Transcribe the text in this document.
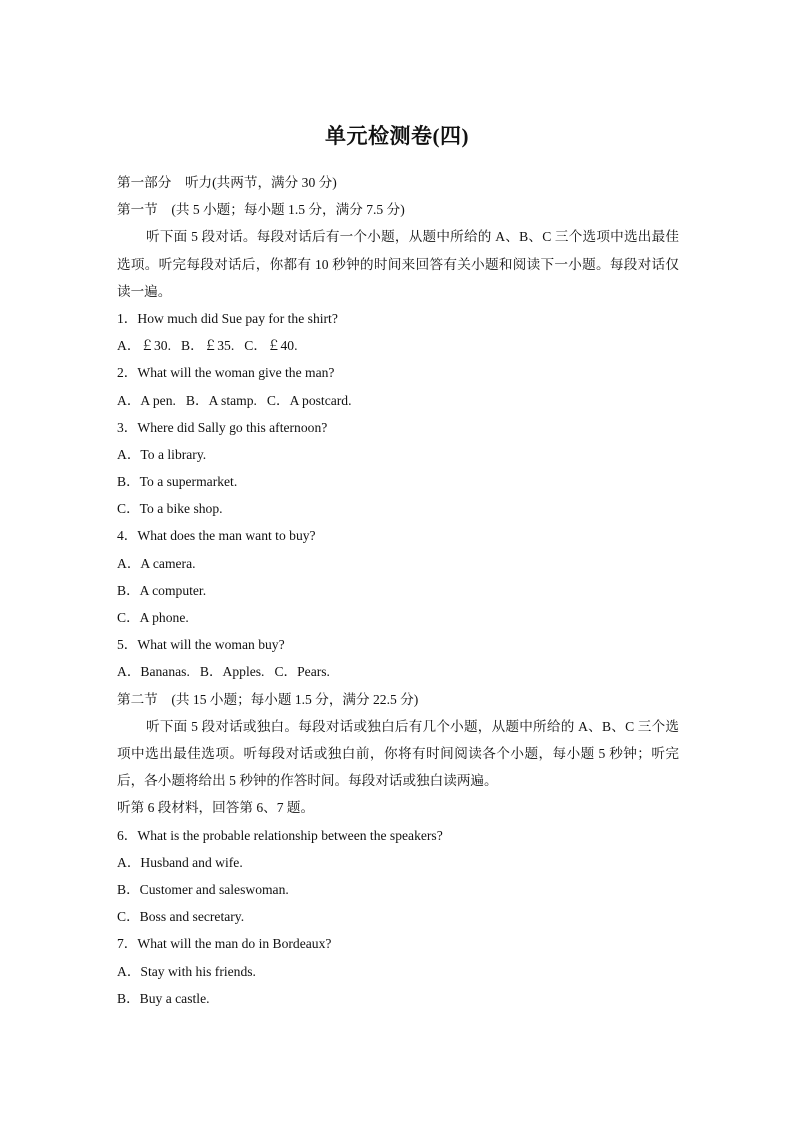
单元检测卷(四)
第一部分　听力(共两节，满分 30 分)
第一节　(共 5 小题；每小题 1.5 分，满分 7.5 分)
听下面 5 段对话。每段对话后有一个小题，从题中所给的 A、B、C 三个选项中选出最佳选项。听完每段对话后，你都有 10 秒钟的时间来回答有关小题和阅读下一小题。每段对话仅读一遍。
1．How much did Sue pay for the shirt?
A．￡30. B．￡35. C．￡40.
2．What will the woman give the man?
A．A pen. B．A stamp. C．A postcard.
3．Where did Sally go this afternoon?
A．To a library.
B．To a supermarket.
C．To a bike shop.
4．What does the man want to buy?
A．A camera.
B．A computer.
C．A phone.
5．What will the woman buy?
A．Bananas. B．Apples. C．Pears.
第二节　(共 15 小题；每小题 1.5 分，满分 22.5 分)
听下面 5 段对话或独白。每段对话或独白后有几个小题，从题中所给的 A、B、C 三个选项中选出最佳选项。听每段对话或独白前，你将有时间阅读各个小题，每小题 5 秒钟；听完后，各小题将给出 5 秒钟的作答时间。每段对话或独白读两遍。
听第 6 段材料，回答第 6、7 题。
6．What is the probable relationship between the speakers?
A．Husband and wife.
B．Customer and saleswoman.
C．Boss and secretary.
7．What will the man do in Bordeaux?
A．Stay with his friends.
B．Buy a castle.
